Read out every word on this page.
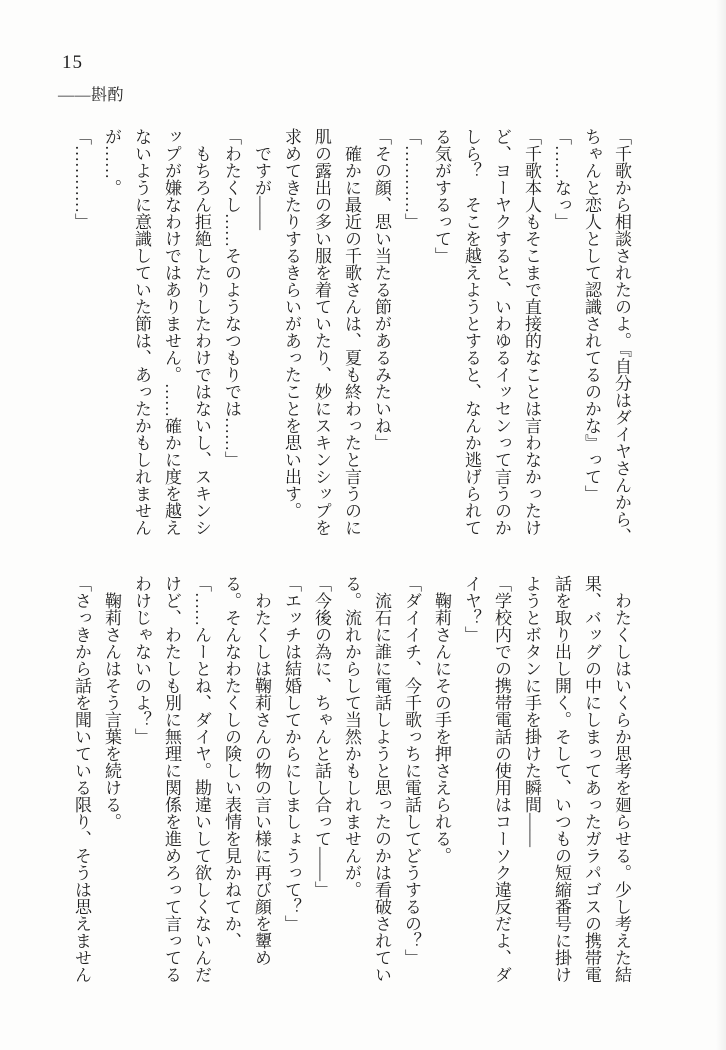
15
――斟酌

「千歌から相談されたのよ。『自分はダイヤさんから、

ちゃんと恋人として認識されてるのかな』って」

「……なっ」

「千歌本人もそこまで直接的なことは言わなかったけ

ど、ヨーヤクすると、いわゆるイッセンって言うのか

しら？　そこを越えようとすると、なんか逃げられて

る気がするって」

「…………」

「その顔、思い当たる節があるみたいね」

　確かに最近の千歌さんは、夏も終わったと言うのに

肌の露出の多い服を着ていたり、妙にスキンシップを

求めてきたりするきらいがあったことを思い出す。

　ですが――

「わたくし……そのようなつもりでは……」

　もちろん拒絶したりしたわけではないし、スキンシ

ップが嫌なわけではありません。……確かに度を越え

ないように意識していた節は、あったかもしれません

が……。

「…………」

　わたくしはいくらか思考を廻らせる。少し考えた結

果、バッグの中にしまってあったガラパゴスの携帯電

話を取り出し開く。そして、いつもの短縮番号に掛け

ようとボタンに手を掛けた瞬間――

「学校内での携帯電話の使用はコーソク違反だよ、ダ

イヤ？」

　鞠莉さんにその手を押さえられる。

「ダイイチ、今千歌っちに電話してどうするの？」

　流石に誰に電話しようと思ったのかは看破されてい

る。流れからして当然かもしれませんが。

「今後の為に、ちゃんと話し合って――」

「エッチは結婚してからにしましょうって？」

　わたくしは鞠莉さんの物の言い様に再び顔を顰め

る。そんなわたくしの険しい表情を見かねてか、

「……んーとね、ダイヤ。勘違いして欲しくないんだ

けど、わたしも別に無理に関係を進めろって言ってる

わけじゃないのよ？」

　鞠莉さんはそう言葉を続ける。

「さっきから話を聞いている限り、そうは思えません
